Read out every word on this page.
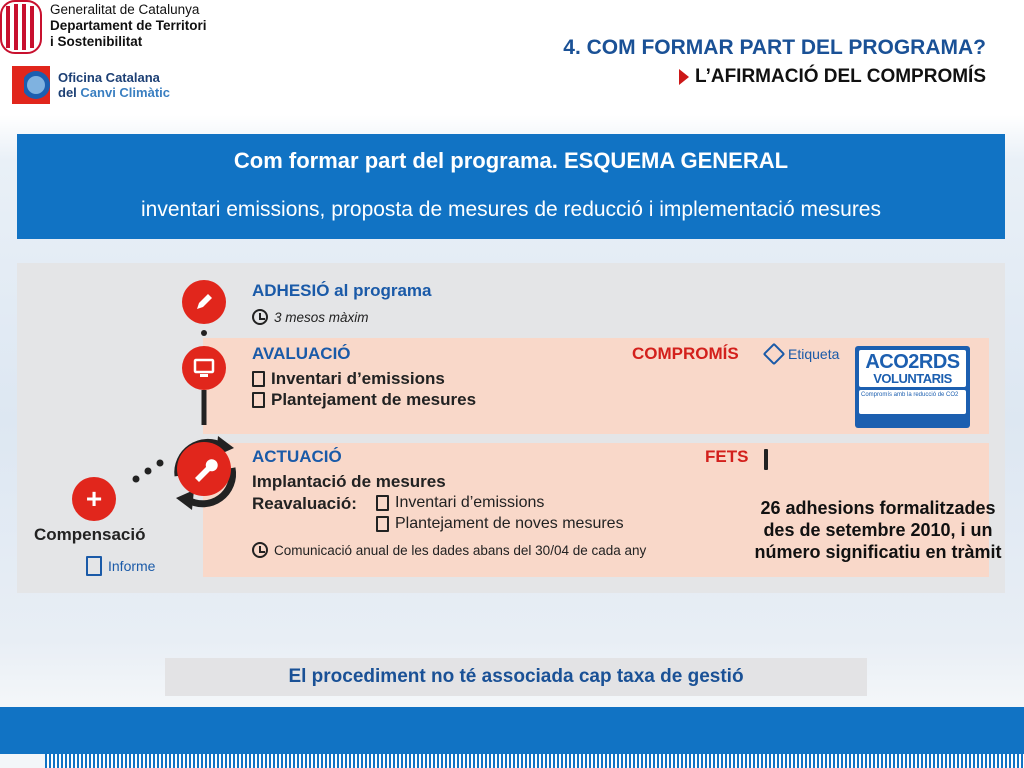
Generalitat de Catalunya
Departament de Territori
i Sostenibilitat
Oficina Catalana
del Canvi Climàtic
4. COM FORMAR PART DEL PROGRAMA?
L’AFIRMACIÓ DEL COMPROMÍS
Com formar part del programa. ESQUEMA GENERAL
inventari emissions, proposta de mesures de reducció i implementació mesures
+
ADHESIÓ al programa
3 mesos màxim
AVALUACIÓ
Inventari d’emissions
Plantejament de mesures
COMPROMÍS	Etiqueta	ACO2RDS
VOLUNTARIS
Compromís amb la reducció de CO2
ACTUACIÓ	FETS
Implantació de mesures
Reavaluació: Inventari d’emissions
Plantejament de noves mesures
Comunicació anual de les dades abans del 30/04 de cada any
Compensació
Informe
26 adhesions formalitzades des de setembre 2010, i un número significatiu en tràmit
El procediment no té associada cap taxa de gestió
